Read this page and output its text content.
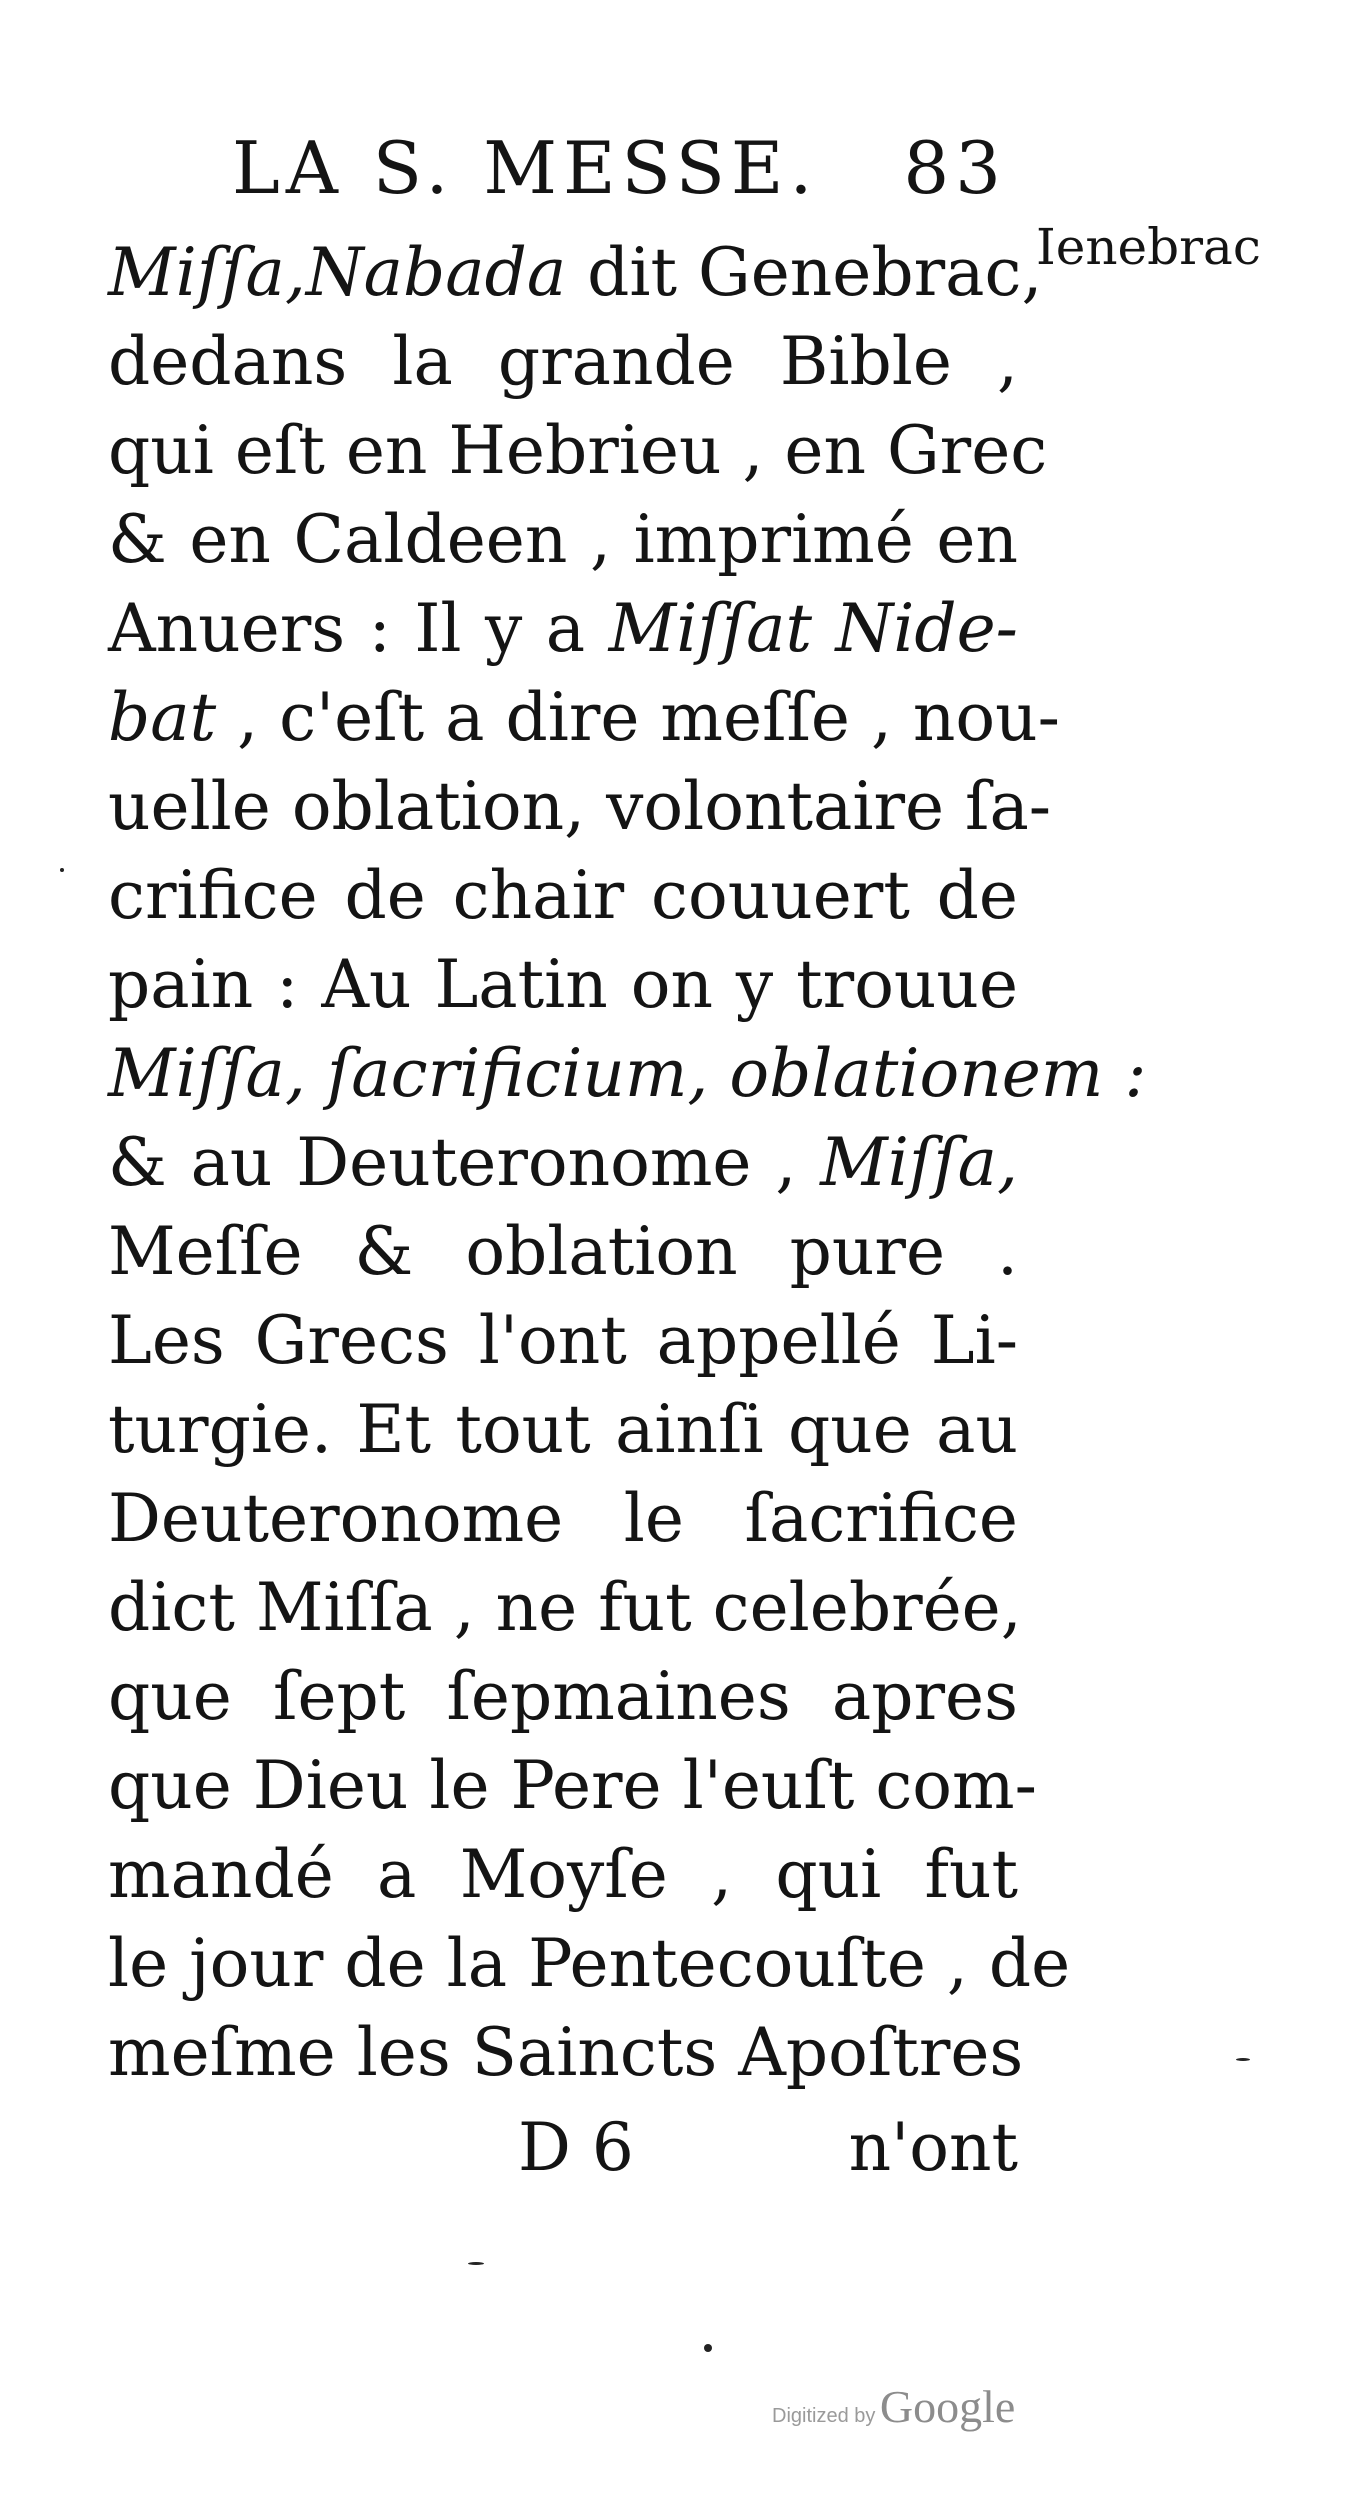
LA S. MESSE. 83
Ienebrac
Miſſa,Nabada dit Genebrac,
dedans la grande Bible ,
qui eſt en Hebrieu , en Grec
& en Caldeen , imprimé en
Anuers : Il y a Miſſat Nide-
bat , c'eſt a dire meſſe , nou-
uelle oblation, volontaire ſa-
crifice de chair couuert de
pain : Au Latin on y trouue
Miſſa, ſacrificium, oblationem :
& au Deuteronome , Miſſa,
Meſſe & oblation pure .
Les Grecs l'ont appellé Li-
turgie. Et tout ainſi que au
Deuteronome le ſacrifice
dict Miſſa , ne fut celebrée,
que ſept ſepmaines apres
que Dieu le Pere l'euſt com-
mandé a Moyſe , qui fut
le jour de la Pentecouſte , de
meſme les Saincts Apoſtres
D 6	n'ont
Digitized by Google
